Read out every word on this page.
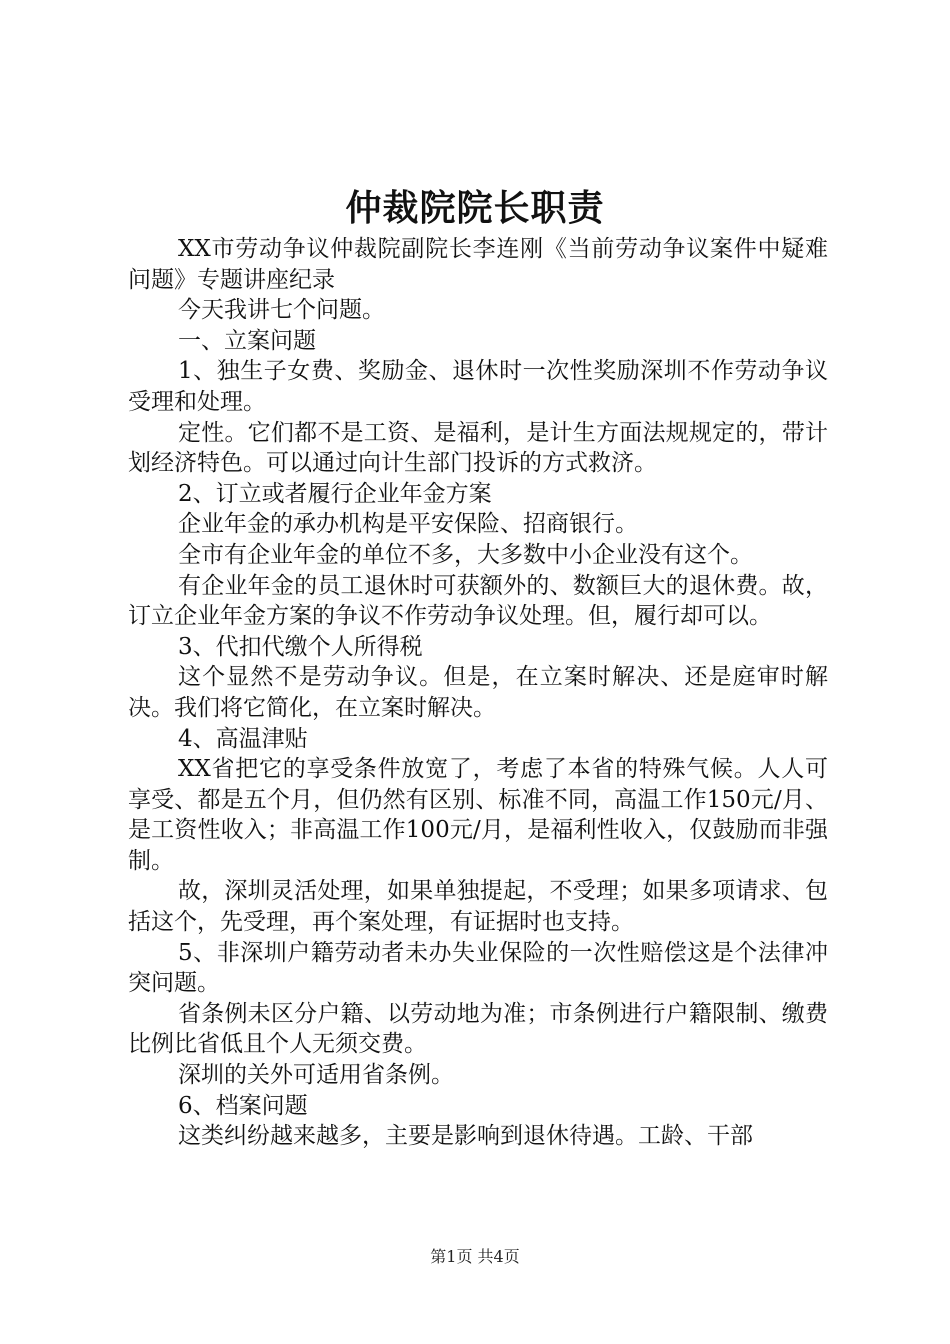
仲裁院院长职责

XX市劳动争议仲裁院副院长李连刚《当前劳动争议案件中疑难问题》专题讲座纪录

今天我讲七个问题。

一、立案问题

1、独生子女费、奖励金、退休时一次性奖励深圳不作劳动争议受理和处理。

定性。它们都不是工资、是福利，是计生方面法规规定的，带计划经济特色。可以通过向计生部门投诉的方式救济。

2、订立或者履行企业年金方案

企业年金的承办机构是平安保险、招商银行。

全市有企业年金的单位不多，大多数中小企业没有这个。

有企业年金的员工退休时可获额外的、数额巨大的退休费。故，订立企业年金方案的争议不作劳动争议处理。但，履行却可以。

3、代扣代缴个人所得税

这个显然不是劳动争议。但是，在立案时解决、还是庭审时解决。我们将它简化，在立案时解决。

4、高温津贴

XX省把它的享受条件放宽了，考虑了本省的特殊气候。人人可享受、都是五个月，但仍然有区别、标准不同，高温工作150元/月、是工资性收入；非高温工作100元/月，是福利性收入，仅鼓励而非强制。

故，深圳灵活处理，如果单独提起，不受理；如果多项请求、包括这个，先受理，再个案处理，有证据时也支持。

5、非深圳户籍劳动者未办失业保险的一次性赔偿这是个法律冲突问题。

省条例未区分户籍、以劳动地为准；市条例进行户籍限制、缴费比例比省低且个人无须交费。

深圳的关外可适用省条例。

6、档案问题

这类纠纷越来越多，主要是影响到退休待遇。工龄、干部

第1页 共4页
